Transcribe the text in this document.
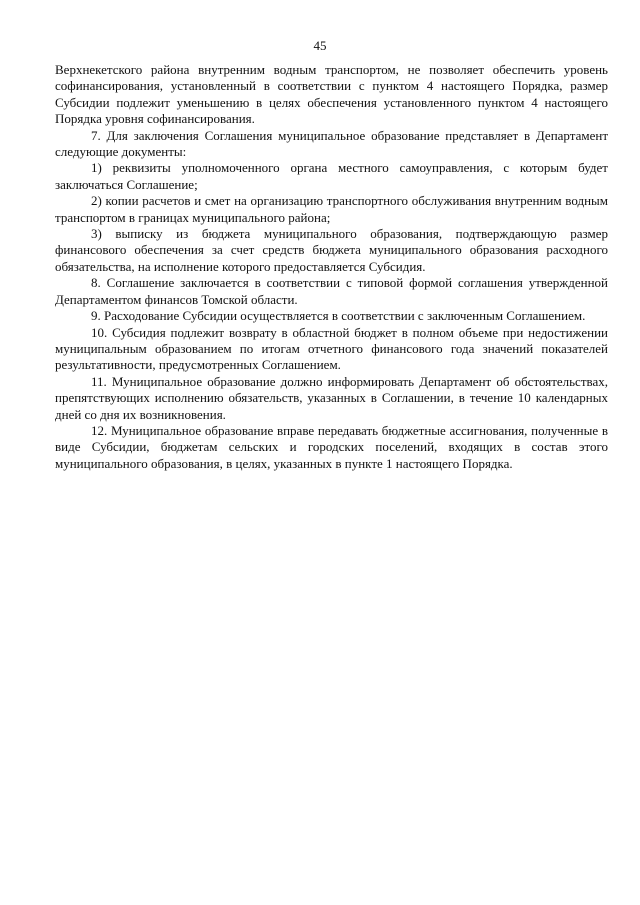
45

Верхнекетского района внутренним водным транспортом, не позволяет обеспечить уровень софинансирования, установленный в соответствии с пунктом 4 настоящего Порядка, размер Субсидии подлежит уменьшению в целях обеспечения установленного пунктом 4 настоящего Порядка уровня софинансирования.

7. Для заключения Соглашения муниципальное образование представляет в Департамент следующие документы:

1) реквизиты уполномоченного органа местного самоуправления, с которым будет заключаться Соглашение;

2) копии расчетов и смет на организацию транспортного обслуживания внутренним водным транспортом в границах муниципального района;

3) выписку из бюджета муниципального образования, подтверждающую размер финансового обеспечения за счет средств бюджета муниципального образования расходного обязательства, на исполнение которого предоставляется Субсидия.

8. Соглашение заключается в соответствии с типовой формой соглашения утвержденной Департаментом финансов Томской области.

9. Расходование Субсидии осуществляется в соответствии с заключенным Соглашением.

10. Субсидия подлежит возврату в областной бюджет в полном объеме при недостижении муниципальным образованием по итогам отчетного финансового года значений показателей результативности, предусмотренных Соглашением.

11. Муниципальное образование должно информировать Департамент об обстоятельствах, препятствующих исполнению обязательств, указанных в Соглашении, в течение 10 календарных дней со дня их возникновения.

12. Муниципальное образование вправе передавать бюджетные ассигнования, полученные в виде Субсидии, бюджетам сельских и городских поселений, входящих в состав этого муниципального образования, в целях, указанных в пункте 1 настоящего Порядка.
